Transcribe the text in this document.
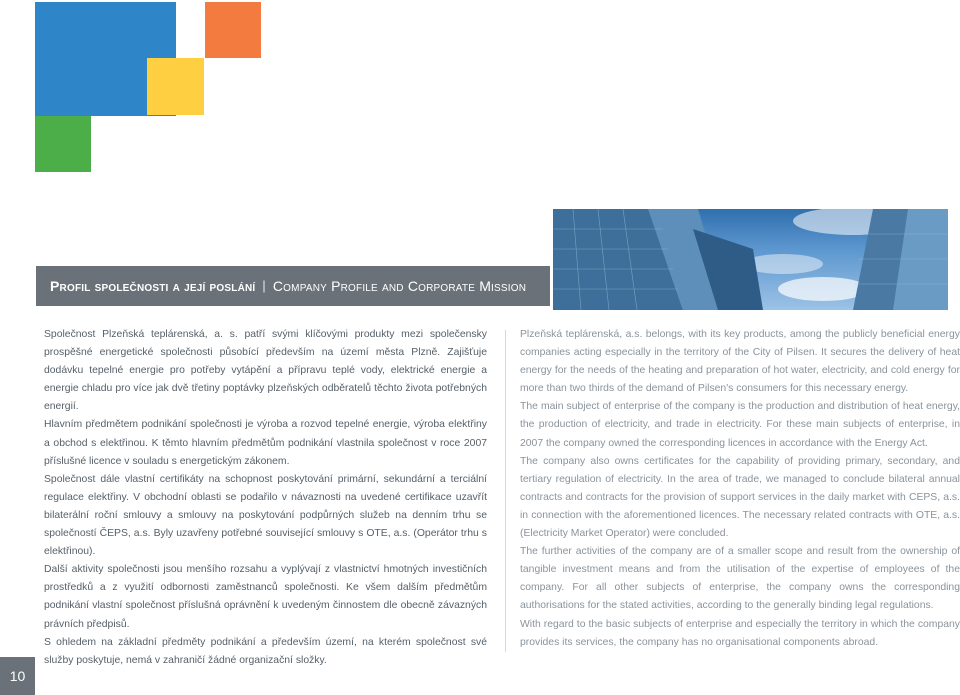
Profil společnosti a její poslání | Company Profile and Corporate Mission

Společnost Plzeňská teplárenská, a. s. patří svými klíčovými produkty mezi společensky prospěšné energetické společnosti působící především na území města Plzně. Zajišťuje dodávku tepelné energie pro potřeby vytápění a přípravu teplé vody, elektrické energie a energie chladu pro více jak dvě třetiny poptávky plzeňských odběratelů těchto života potřebných energií.

Hlavním předmětem podnikání společnosti je výroba a rozvod tepelné energie, výroba elektřiny a obchod s elektřinou. K těmto hlavním předmětům podnikání vlastnila společnost v roce 2007 příslušné licence v souladu s energetickým zákonem.

Společnost dále vlastní certifikáty na schopnost poskytování primární, sekundární a terciální regulace elektřiny. V obchodní oblasti se podařilo v návaznosti na uvedené certifikace uzavřít bilaterální roční smlouvy a smlouvy na poskytování podpůrných služeb na denním trhu se společností ČEPS, a.s. Byly uzavřeny potřebné související smlouvy s OTE, a.s. (Operátor trhu s elektřinou).

Další aktivity společnosti jsou menšího rozsahu a vyplývají z vlastnictví hmotných investičních prostředků a z využití odbornosti zaměstnanců společnosti. Ke všem dalším předmětům podnikání vlastní společnost příslušná oprávnění k uvedeným činnostem dle obecně závazných právních předpisů.

S ohledem na základní předměty podnikání a především území, na kterém společnost své služby poskytuje, nemá v zahraničí žádné organizační složky.

Plzeňská teplárenská, a.s. belongs, with its key products, among the publicly beneficial energy companies acting especially in the territory of the City of Pilsen. It secures the delivery of heat energy for the needs of the heating and preparation of hot water, electricity, and cold energy for more than two thirds of the demand of Pilsen's consumers for this necessary energy.

The main subject of enterprise of the company is the production and distribution of heat energy, the production of electricity, and trade in electricity. For these main subjects of enterprise, in 2007 the company owned the corresponding licences in accordance with the Energy Act.

The company also owns certificates for the capability of providing primary, secondary, and tertiary regulation of electricity. In the area of trade, we managed to conclude bilateral annual contracts and contracts for the provision of support services in the daily market with CEPS, a.s. in connection with the aforementioned licences. The necessary related contracts with OTE, a.s. (Electricity Market Operator) were concluded.

The further activities of the company are of a smaller scope and result from the ownership of tangible investment means and from the utilisation of the expertise of employees of the company. For all other subjects of enterprise, the company owns the corresponding authorisations for the stated activities, according to the generally binding legal regulations.

With regard to the basic subjects of enterprise and especially the territory in which the company provides its services, the company has no organisational components abroad.

10
